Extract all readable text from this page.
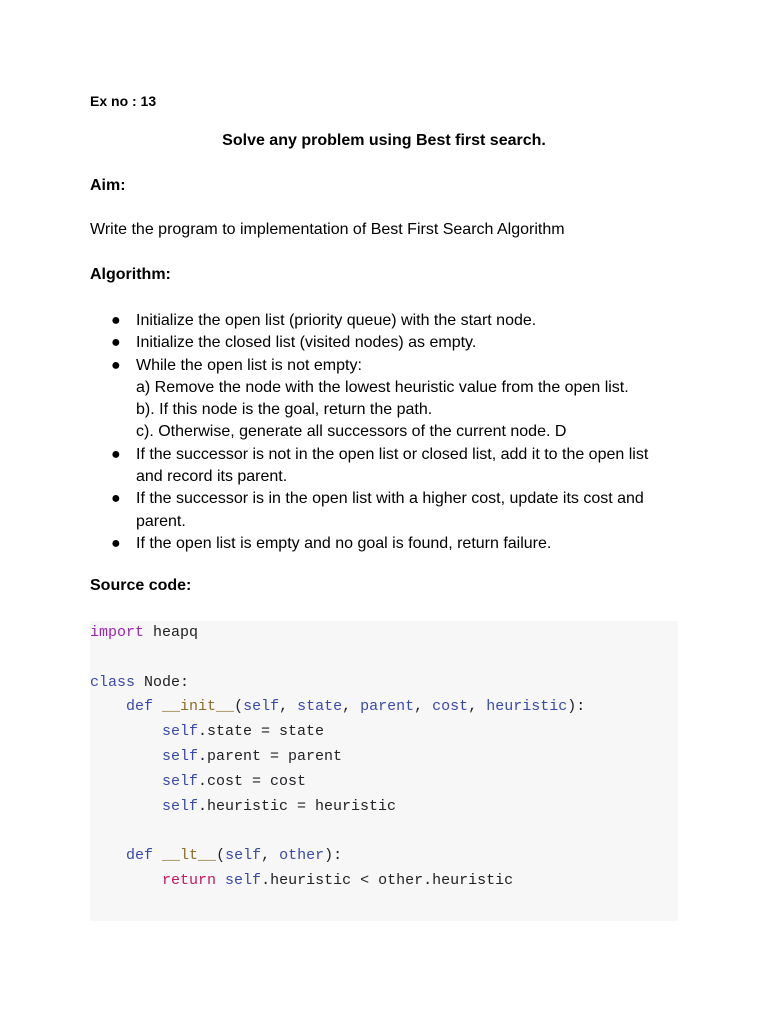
Ex no : 13
Solve any problem using Best first search.
Aim:
Write the program to implementation of Best First Search Algorithm
Algorithm:
● Initialize the open list (priority queue) with the start node.
● Initialize the closed list (visited nodes) as empty.
● While the open list is not empty:
a) Remove the node with the lowest heuristic value from the open list.
b). If this node is the goal, return the path.
c). Otherwise, generate all successors of the current node. D
● If the successor is not in the open list or closed list, add it to the open list
and record its parent.
● If the successor is in the open list with a higher cost, update its cost and
parent.
● If the open list is empty and no goal is found, return failure.
Source code:
import heapq
class Node:
def __init__(self, state, parent, cost, heuristic):
self.state = state
self.parent = parent
self.cost = cost
self.heuristic = heuristic
def __lt__(self, other):
return self.heuristic < other.heuristic
